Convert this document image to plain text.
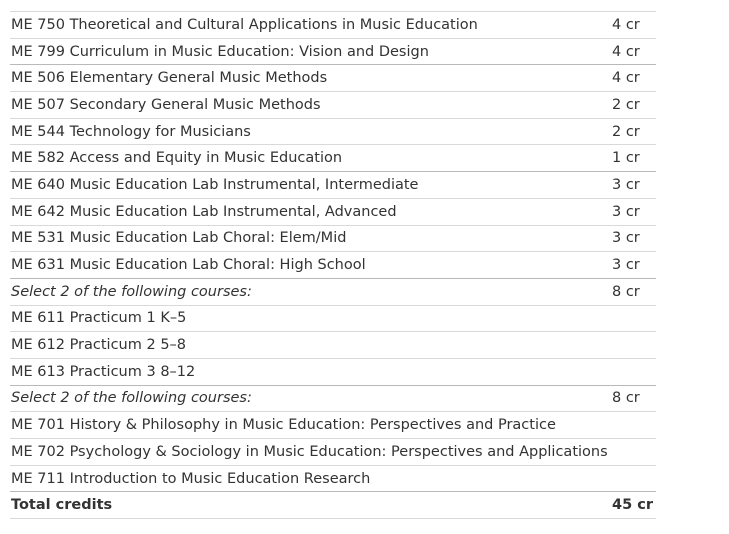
ME 750 Theoretical and Cultural Applications in Music Education	4 cr
ME 799 Curriculum in Music Education: Vision and Design	4 cr
ME 506 Elementary General Music Methods	4 cr
ME 507 Secondary General Music Methods	2 cr
ME 544 Technology for Musicians	2 cr
ME 582 Access and Equity in Music Education	1 cr
ME 640 Music Education Lab Instrumental, Intermediate	3 cr
ME 642 Music Education Lab Instrumental, Advanced	3 cr
ME 531 Music Education Lab Choral: Elem/Mid	3 cr
ME 631 Music Education Lab Choral: High School	3 cr
Select 2 of the following courses:	8 cr
ME 611 Practicum 1 K–5	
ME 612 Practicum 2 5–8	
ME 613 Practicum 3 8–12	
Select 2 of the following courses:	8 cr
ME 701 History & Philosophy in Music Education: Perspectives and Practice	
ME 702 Psychology & Sociology in Music Education: Perspectives and Applications	
ME 711 Introduction to Music Education Research	
Total credits	45 cr
